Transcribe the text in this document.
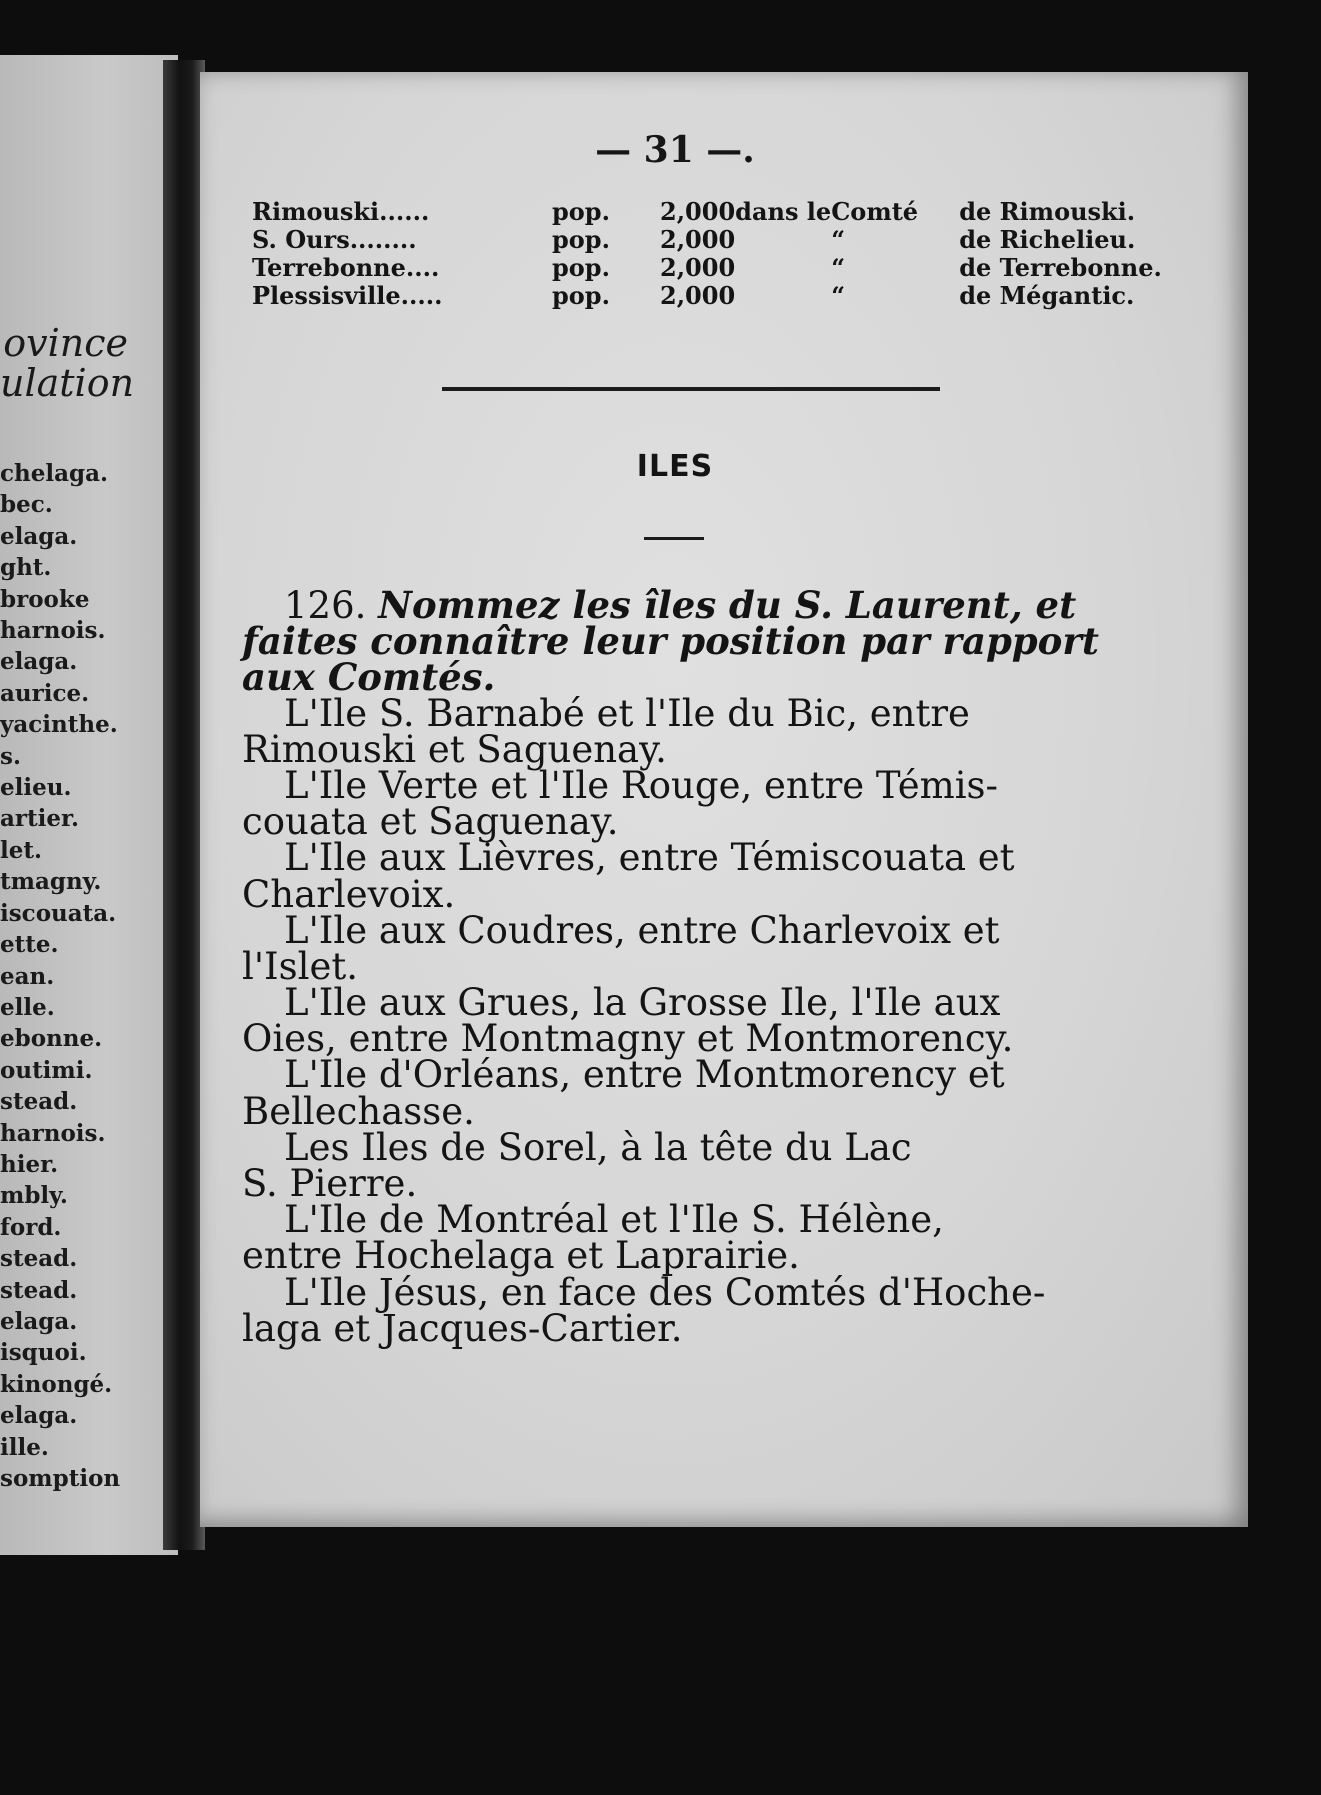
ovince
ulation
chelaga.
bec.
elaga.
ght.
brooke
harnois.
elaga.
aurice.
yacinthe.
s.
elieu.
artier.
let.
tmagny.
iscouata.
ette.
ean.
elle.
ebonne.
outimi.
stead.
harnois.
hier.
mbly.
ford.
stead.
stead.
elaga.
isquoi.
kinongé.
elaga.
ille.
somption
— 31 —.
Rimouski......	pop.	2,000	dans le	Comté	de Rimouski.
S. Ours........	pop.	2,000		“	de Richelieu.
Terrebonne....	pop.	2,000		“	de Terrebonne.
Plessisville.....	pop.	2,000		“	de Mégantic.
ILES
126. Nommez les îles du S. Laurent, et
faites connaître leur position par rapport
aux Comtés.
L'Ile S. Barnabé et l'Ile du Bic, entre
Rimouski et Saguenay.
L'Ile Verte et l'Ile Rouge, entre Témis-
couata et Saguenay.
L'Ile aux Lièvres, entre Témiscouata et
Charlevoix.
L'Ile aux Coudres, entre Charlevoix et
l'Islet.
L'Ile aux Grues, la Grosse Ile, l'Ile aux
Oies, entre Montmagny et Montmorency.
L'Ile d'Orléans, entre Montmorency et
Bellechasse.
Les Iles de Sorel, à la tête du Lac
S. Pierre.
L'Ile de Montréal et l'Ile S. Hélène,
entre Hochelaga et Laprairie.
L'Ile Jésus, en face des Comtés d'Hoche-
laga et Jacques-Cartier.
